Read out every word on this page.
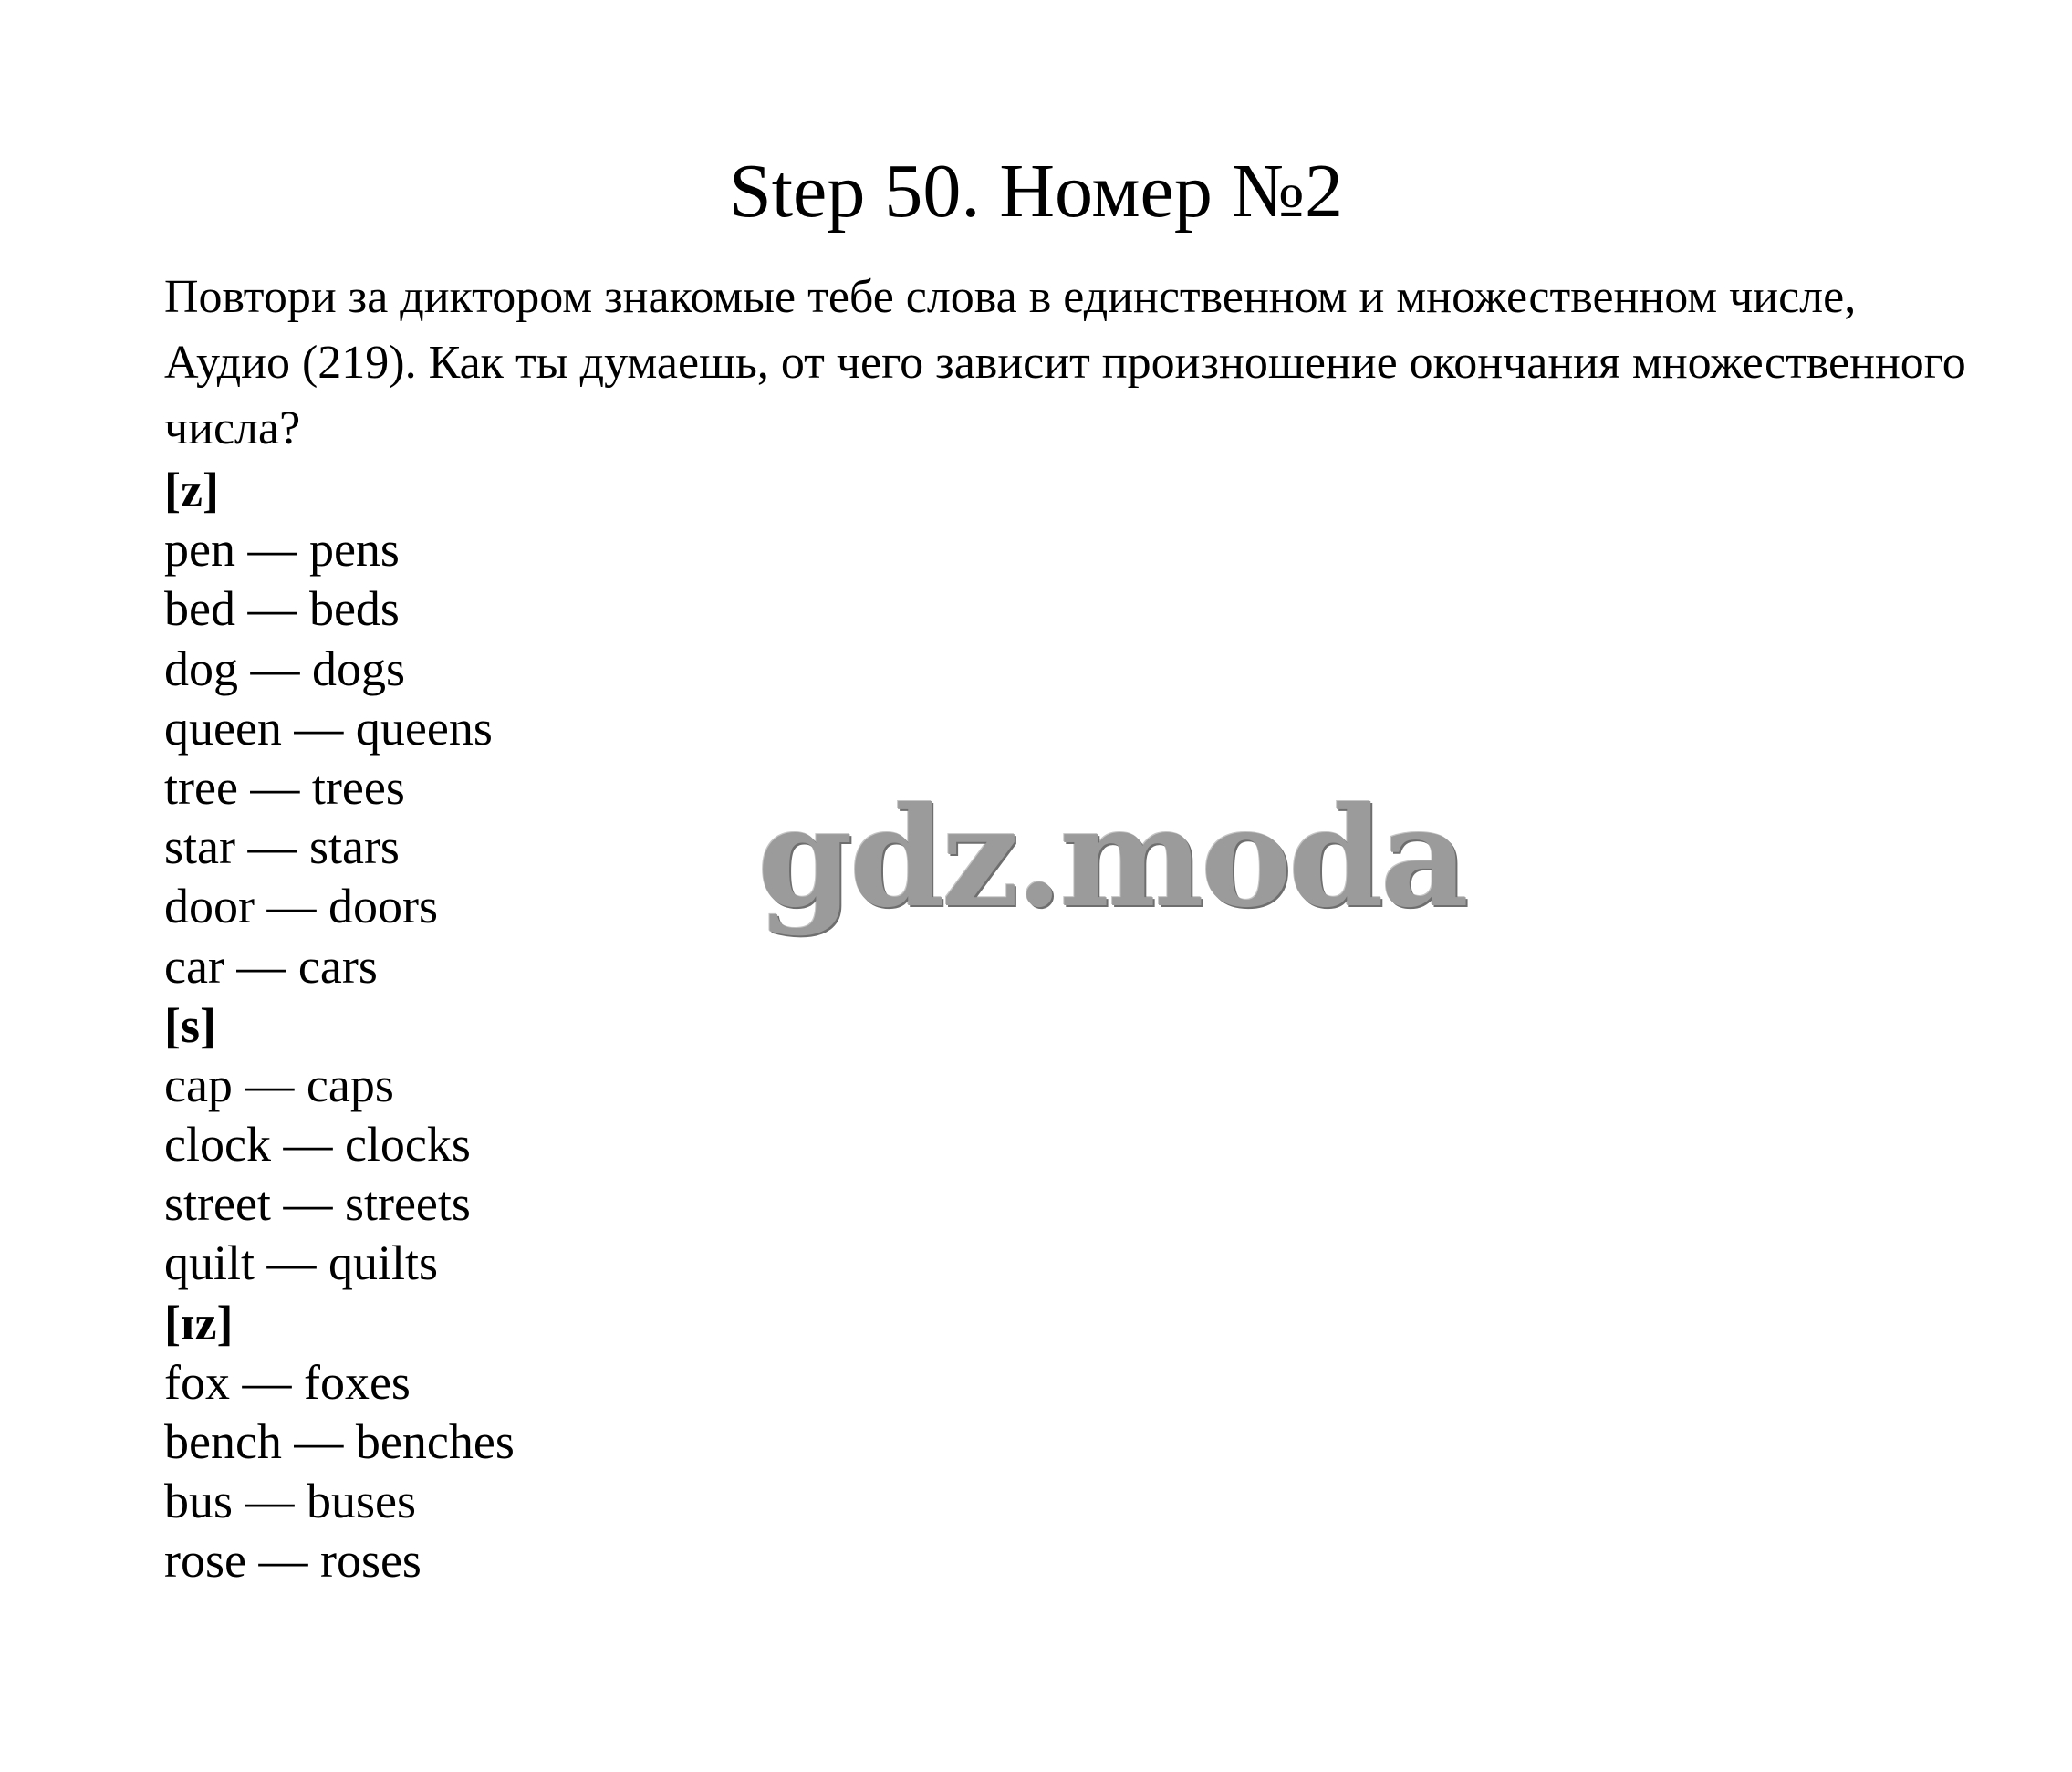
Step 50. Номер №2

Повтори за диктором знакомые тебе слова в единственном и множественном числе, Аудио (219). Как ты думаешь, от чего зависит произношение окончания множественного числа?

[z]
pen — pens
bed — beds
dog — dogs
queen — queens
tree — trees
star — stars
door — doors
car — cars
[s]
cap — caps
clock — clocks
street — streets
quilt — quilts
[ɪz]
fox — foxes
bench — benches
bus — buses
rose — roses
gdz.moda
